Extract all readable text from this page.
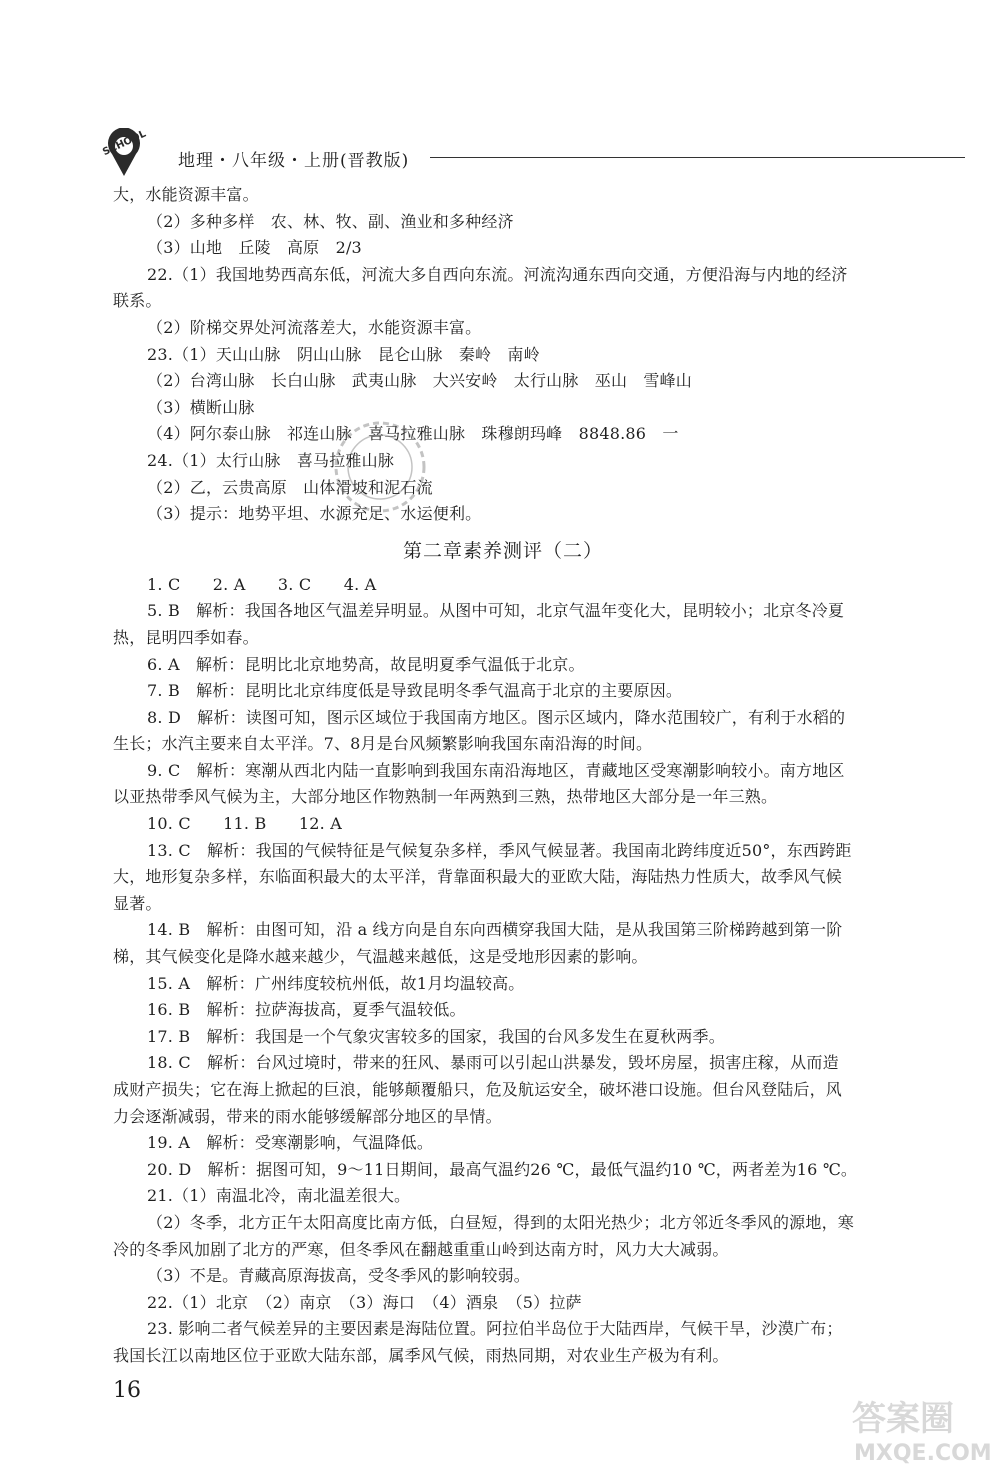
SCHOOL
地理・八年级・上册(晋教版)
大，水能资源丰富。
（2）多种多样　农、林、牧、副、渔业和多种经济
（3）山地　丘陵　高原　2/3
22.（1）我国地势西高东低，河流大多自西向东流。河流沟通东西向交通，方便沿海与内地的经济
联系。
（2）阶梯交界处河流落差大，水能资源丰富。
23.（1）天山山脉　阴山山脉　昆仑山脉　秦岭　南岭
（2）台湾山脉　长白山脉　武夷山脉　大兴安岭　太行山脉　巫山　雪峰山
（3）横断山脉
（4）阿尔泰山脉　祁连山脉　喜马拉雅山脉　珠穆朗玛峰　8848.86　一
24.（1）太行山脉　喜马拉雅山脉
（2）乙，云贵高原　山体滑坡和泥石流
（3）提示：地势平坦、水源充足、水运便利。
第二章素养测评（二）
1. C　　2. A　　3. C　　4. A
5. B　解析：我国各地区气温差异明显。从图中可知，北京气温年变化大，昆明较小；北京冬冷夏
热，昆明四季如春。
6. A　解析：昆明比北京地势高，故昆明夏季气温低于北京。
7. B　解析：昆明比北京纬度低是导致昆明冬季气温高于北京的主要原因。
8. D　解析：读图可知，图示区域位于我国南方地区。图示区域内，降水范围较广，有利于水稻的
生长；水汽主要来自太平洋。7、8月是台风频繁影响我国东南沿海的时间。
9. C　解析：寒潮从西北内陆一直影响到我国东南沿海地区，青藏地区受寒潮影响较小。南方地区
以亚热带季风气候为主，大部分地区作物熟制一年两熟到三熟，热带地区大部分是一年三熟。
10. C　　11. B　　12. A
13. C　解析：我国的气候特征是气候复杂多样，季风气候显著。我国南北跨纬度近50°，东西跨距
大，地形复杂多样，东临面积最大的太平洋，背靠面积最大的亚欧大陆，海陆热力性质大，故季风气候
显著。
14. B　解析：由图可知，沿 a 线方向是自东向西横穿我国大陆，是从我国第三阶梯跨越到第一阶
梯，其气候变化是降水越来越少，气温越来越低，这是受地形因素的影响。
15. A　解析：广州纬度较杭州低，故1月均温较高。
16. B　解析：拉萨海拔高，夏季气温较低。
17. B　解析：我国是一个气象灾害较多的国家，我国的台风多发生在夏秋两季。
18. C　解析：台风过境时，带来的狂风、暴雨可以引起山洪暴发，毁坏房屋，损害庄稼，从而造
成财产损失；它在海上掀起的巨浪，能够颠覆船只，危及航运安全，破坏港口设施。但台风登陆后，风
力会逐渐减弱，带来的雨水能够缓解部分地区的旱情。
19. A　解析：受寒潮影响，气温降低。
20. D　解析：据图可知，9～11日期间，最高气温约26 ℃，最低气温约10 ℃，两者差为16 ℃。
21.（1）南温北冷，南北温差很大。
（2）冬季，北方正午太阳高度比南方低，白昼短，得到的太阳光热少；北方邻近冬季风的源地，寒
冷的冬季风加剧了北方的严寒，但冬季风在翻越重重山岭到达南方时，风力大大减弱。
（3）不是。青藏高原海拔高，受冬季风的影响较弱。
22.（1）北京　（2）南京　（3）海口　（4）酒泉　（5）拉萨
23. 影响二者气候差异的主要因素是海陆位置。阿拉伯半岛位于大陆西岸，气候干旱，沙漠广布；
我国长江以南地区位于亚欧大陆东部，属季风气候，雨热同期，对农业生产极为有利。
16
答案圈
MXQE.COM
